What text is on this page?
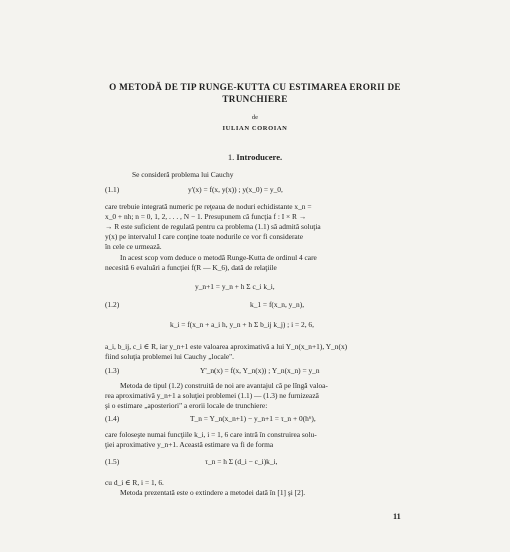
O METODĂ DE TIP RUNGE-KUTTA CU ESTIMAREA ERORII DE
TRUNCHIERE
de
IULIAN COROIAN
1. Introducere.
Se consideră problema lui Cauchy
(1.1)	y'(x) = f(x, y(x)) ; y(x_0) = y_0,
care trebuie integrată numeric pe reţeaua de noduri echidistante x_n =
x_0 + nh; n = 0, 1, 2, . . . , N − 1. Presupunem că funcţia f : I × R →
→ R este suficient de regulată pentru ca problema (1.1) să admită soluţia
y(x) pe intervalul I care conţine toate nodurile ce vor fi considerate
în cele ce urmează.
In acest scop vom deduce o metodă Runge-Kutta de ordinul 4 care
necesită 6 evaluări a funcţiei f(R — K_6), dată de relaţiile
y_n+1 = y_n + h Σ c_i k_i,
(1.2)	k_1 = f(x_n, y_n),
k_i = f(x_n + a_i h, y_n + h Σ b_ij k_j) ; i = 2, 6,
a_i, b_ij, c_i ∈ R, iar y_n+1 este valoarea aproximativă a lui Y_n(x_n+1), Y_n(x)
fiind soluţia problemei lui Cauchy „locale".
(1.3)	Y'_n(x) = f(x, Y_n(x)) ; Y_n(x_n) = y_n
Metoda de tipul (1.2) construită de noi are avantajul că pe lîngă valoa-
rea aproximativă y_n+1 a soluţiei problemei (1.1) — (1.3) ne furnizează
şi o estimare „aposteriori" a erorii locale de trunchiere:
(1.4)	T_n = Y_n(x_n+1) − y_n+1 = τ_n + 0(h⁶),
care foloseşte numai funcţiile k_i, i = 1, 6 care intră în construirea solu-
ţiei aproximative y_n+1. Această estimare va fi de forma
(1.5)	τ_n = h Σ (d_i − c_i)k_i,
cu d_i ∈ R, i = 1, 6.
Metoda prezentată este o extindere a metodei dată în [1] şi [2].
11
